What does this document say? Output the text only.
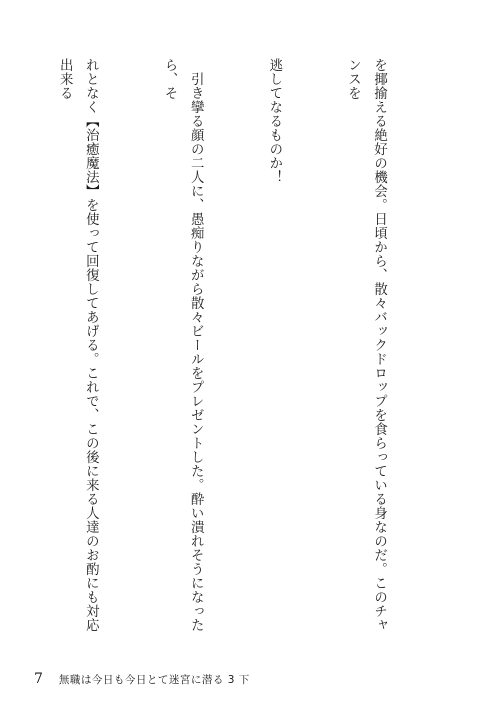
を揶揄える絶好の機会。日頃から、散々バックドロップを食らっている身なのだ。このチャンスを

逃してなるものか！

　引き攣る顔の二人に、愚痴りながら散々ビールをプレゼントした。酔い潰れそうになったら、そ

れとなく【治癒魔法】を使って回復してあげる。これで、この後に来る人達のお酌にも対応出来る

7 無職は今日も今日とて迷宮に潜る 3 下
